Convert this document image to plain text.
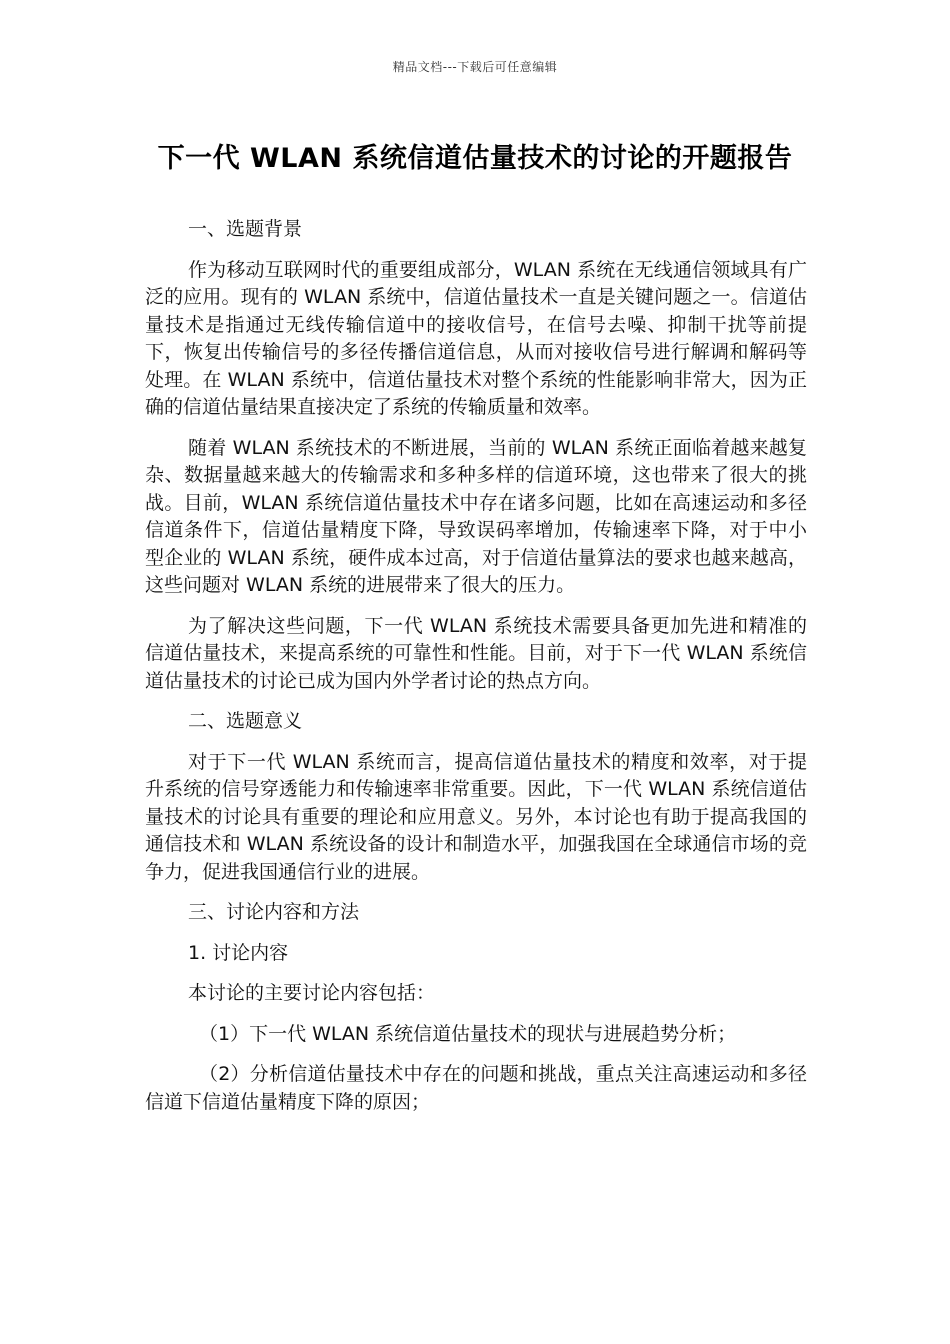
精品文档---下载后可任意编辑
下一代 WLAN 系统信道估量技术的讨论的开题报告

一、选题背景

作为移动互联网时代的重要组成部分，WLAN 系统在无线通信领域具有广泛的应用。现有的 WLAN 系统中，信道估量技术一直是关键问题之一。信道估量技术是指通过无线传输信道中的接收信号，在信号去噪、抑制干扰等前提下，恢复出传输信号的多径传播信道信息，从而对接收信号进行解调和解码等处理。在 WLAN 系统中，信道估量技术对整个系统的性能影响非常大，因为正确的信道估量结果直接决定了系统的传输质量和效率。

随着 WLAN 系统技术的不断进展，当前的 WLAN 系统正面临着越来越复杂、数据量越来越大的传输需求和多种多样的信道环境，这也带来了很大的挑战。目前，WLAN 系统信道估量技术中存在诸多问题，比如在高速运动和多径信道条件下，信道估量精度下降，导致误码率增加，传输速率下降，对于中小型企业的 WLAN 系统，硬件成本过高，对于信道估量算法的要求也越来越高，这些问题对 WLAN 系统的进展带来了很大的压力。

为了解决这些问题，下一代 WLAN 系统技术需要具备更加先进和精准的信道估量技术，来提高系统的可靠性和性能。目前，对于下一代 WLAN 系统信道估量技术的讨论已成为国内外学者讨论的热点方向。

二、选题意义

对于下一代 WLAN 系统而言，提高信道估量技术的精度和效率，对于提升系统的信号穿透能力和传输速率非常重要。因此，下一代 WLAN 系统信道估量技术的讨论具有重要的理论和应用意义。另外，本讨论也有助于提高我国的通信技术和 WLAN 系统设备的设计和制造水平，加强我国在全球通信市场的竞争力，促进我国通信行业的进展。

三、讨论内容和方法

1. 讨论内容

本讨论的主要讨论内容包括：

（1）下一代 WLAN 系统信道估量技术的现状与进展趋势分析；

（2）分析信道估量技术中存在的问题和挑战，重点关注高速运动和多径信道下信道估量精度下降的原因；
